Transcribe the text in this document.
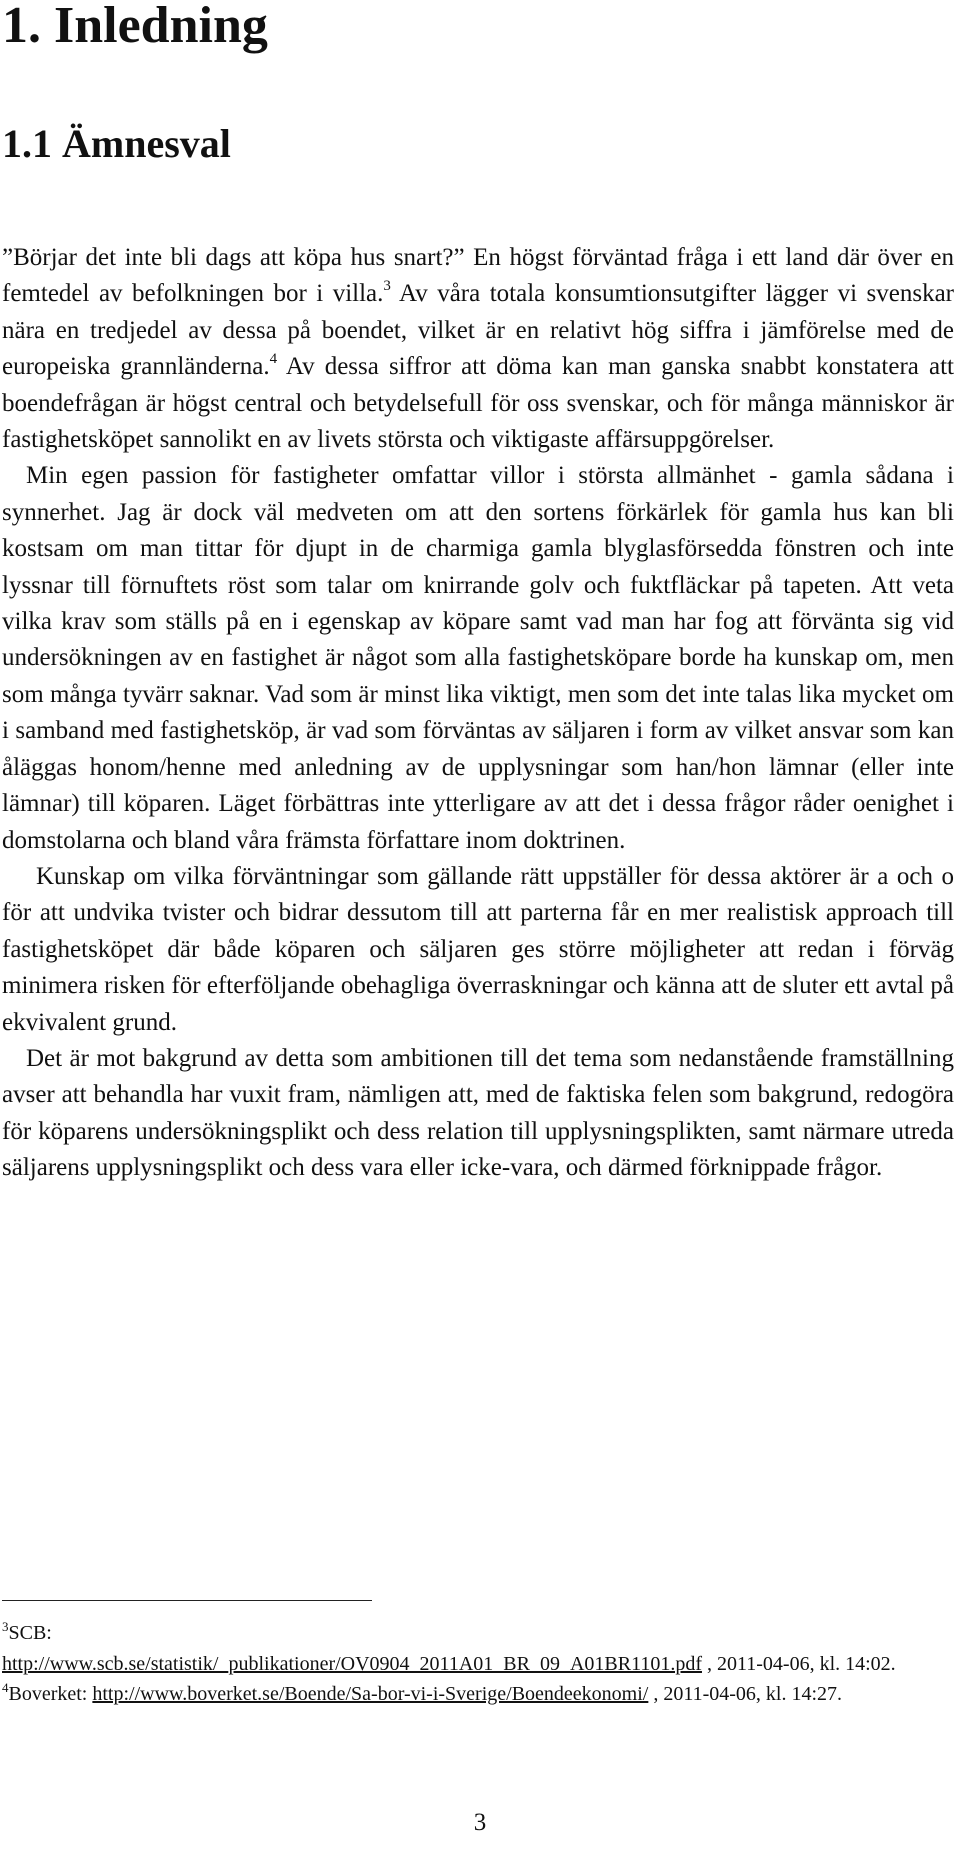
1. Inledning
1.1 Ämnesval

”Börjar det inte bli dags att köpa hus snart?” En högst förväntad fråga i ett land där över en femtedel av befolkningen bor i villa.$^3$ Av våra totala konsumtionsutgifter lägger vi svenskar nära en tredjedel av dessa på boendet, vilket är en relativt hög siffra i jämförelse med de europeiska grannländerna.$^4$ Av dessa siffror att döma kan man ganska snabbt konstatera att boendefrågan är högst central och betydelsefull för oss svenskar, och för många människor är fastighetsköpet sannolikt en av livets största och viktigaste affärsuppgörelser.

Min egen passion för fastigheter omfattar villor i största allmänhet - gamla sådana i synnerhet. Jag är dock väl medveten om att den sortens förkärlek för gamla hus kan bli kostsam om man tittar för djupt in de charmiga gamla blyglasförsedda fönstren och inte lyssnar till förnuftets röst som talar om knirrande golv och fuktfläckar på tapeten. Att veta vilka krav som ställs på en i egenskap av köpare samt vad man har fog att förvänta sig vid undersökningen av en fastighet är något som alla fastighetsköpare borde ha kunskap om, men som många tyvärr saknar. Vad som är minst lika viktigt, men som det inte talas lika mycket om i samband med fastighetsköp, är vad som förväntas av säljaren i form av vilket ansvar som kan åläggas honom/henne med anledning av de upplysningar som han/hon lämnar (eller inte lämnar) till köparen. Läget förbättras inte ytterligare av att det i dessa frågor råder oenighet i domstolarna och bland våra främsta författare inom doktrinen.

Kunskap om vilka förväntningar som gällande rätt uppställer för dessa aktörer är a och o för att undvika tvister och bidrar dessutom till att parterna får en mer realistisk approach till fastighetsköpet där både köparen och säljaren ges större möjligheter att redan i förväg minimera risken för efterföljande obehagliga överraskningar och känna att de sluter ett avtal på ekvivalent grund.

Det är mot bakgrund av detta som ambitionen till det tema som nedanstående framställning avser att behandla har vuxit fram, nämligen att, med de faktiska felen som bakgrund, redogöra för köparens undersökningsplikt och dess relation till upplysningsplikten, samt närmare utreda säljarens upplysningsplikt och dess vara eller icke-vara, och därmed förknippade frågor.

$^3$SCB:
http://www.scb.se/statistik/_publikationer/OV0904_2011A01_BR_09_A01BR1101.pdf , 2011-04-06, kl. 14:02.

$^4$Boverket: http://www.boverket.se/Boende/Sa-bor-vi-i-Sverige/Boendeekonomi/ , 2011-04-06, kl. 14:27.

3
